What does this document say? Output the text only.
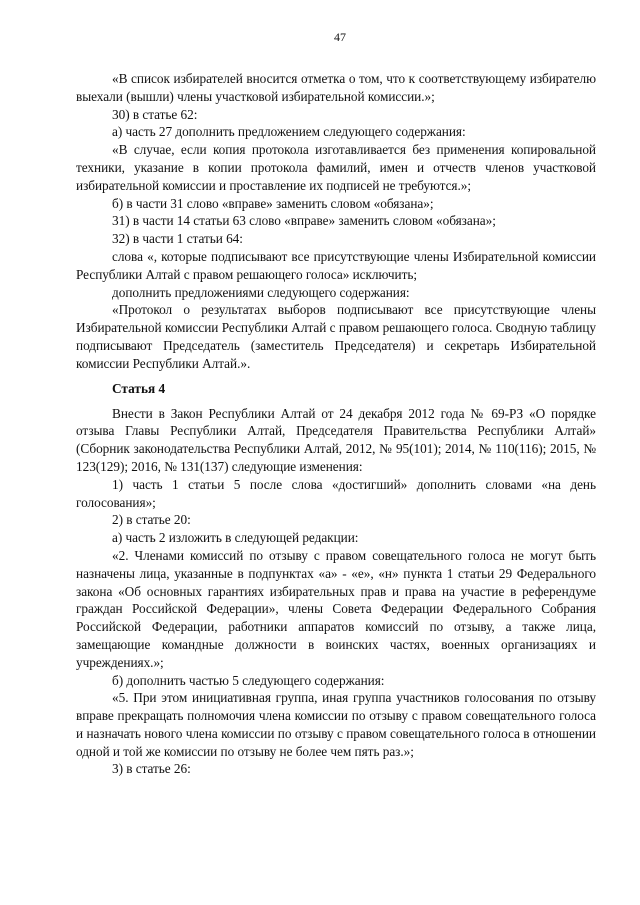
47

«В список избирателей вносится отметка о том, что к соответствующему избирателю выехали (вышли) члены участковой избирательной комиссии.»;

30) в статье 62:

а) часть 27 дополнить предложением следующего содержания:

«В случае, если копия протокола изготавливается без применения копировальной техники, указание в копии протокола фамилий, имен и отчеств членов участковой избирательной комиссии и проставление их подписей не требуются.»;

б) в части 31 слово «вправе» заменить словом «обязана»;

31) в части 14 статьи 63 слово «вправе» заменить словом «обязана»;

32) в части 1 статьи 64:

слова «, которые подписывают все присутствующие члены Избирательной комиссии Республики Алтай с правом решающего голоса» исключить;

дополнить предложениями следующего содержания:

«Протокол о результатах выборов подписывают все присутствующие члены Избирательной комиссии Республики Алтай с правом решающего голоса. Сводную таблицу подписывают Председатель (заместитель Председателя) и секретарь Избирательной комиссии Республики Алтай.».

Статья 4

Внести в Закон Республики Алтай от 24 декабря 2012 года № 69-РЗ «О порядке отзыва Главы Республики Алтай, Председателя Правительства Республики Алтай» (Сборник законодательства Республики Алтай, 2012, № 95(101); 2014, № 110(116); 2015, № 123(129); 2016, № 131(137) следующие изменения:

1) часть 1 статьи 5 после слова «достигший» дополнить словами «на день голосования»;

2) в статье 20:

а) часть 2 изложить в следующей редакции:

«2. Членами комиссий по отзыву с правом совещательного голоса не могут быть назначены лица, указанные в подпунктах «а» - «е», «н» пункта 1 статьи 29 Федерального закона «Об основных гарантиях избирательных прав и права на участие в референдуме граждан Российской Федерации», члены Совета Федерации Федерального Собрания Российской Федерации, работники аппаратов комиссий по отзыву, а также лица, замещающие командные должности в воинских частях, военных организациях и учреждениях.»;

б) дополнить частью 5 следующего содержания:

«5. При этом инициативная группа, иная группа участников голосования по отзыву вправе прекращать полномочия члена комиссии по отзыву с правом совещательного голоса и назначать нового члена комиссии по отзыву с правом совещательного голоса в отношении одной и той же комиссии по отзыву не более чем пять раз.»;

3) в статье 26:
